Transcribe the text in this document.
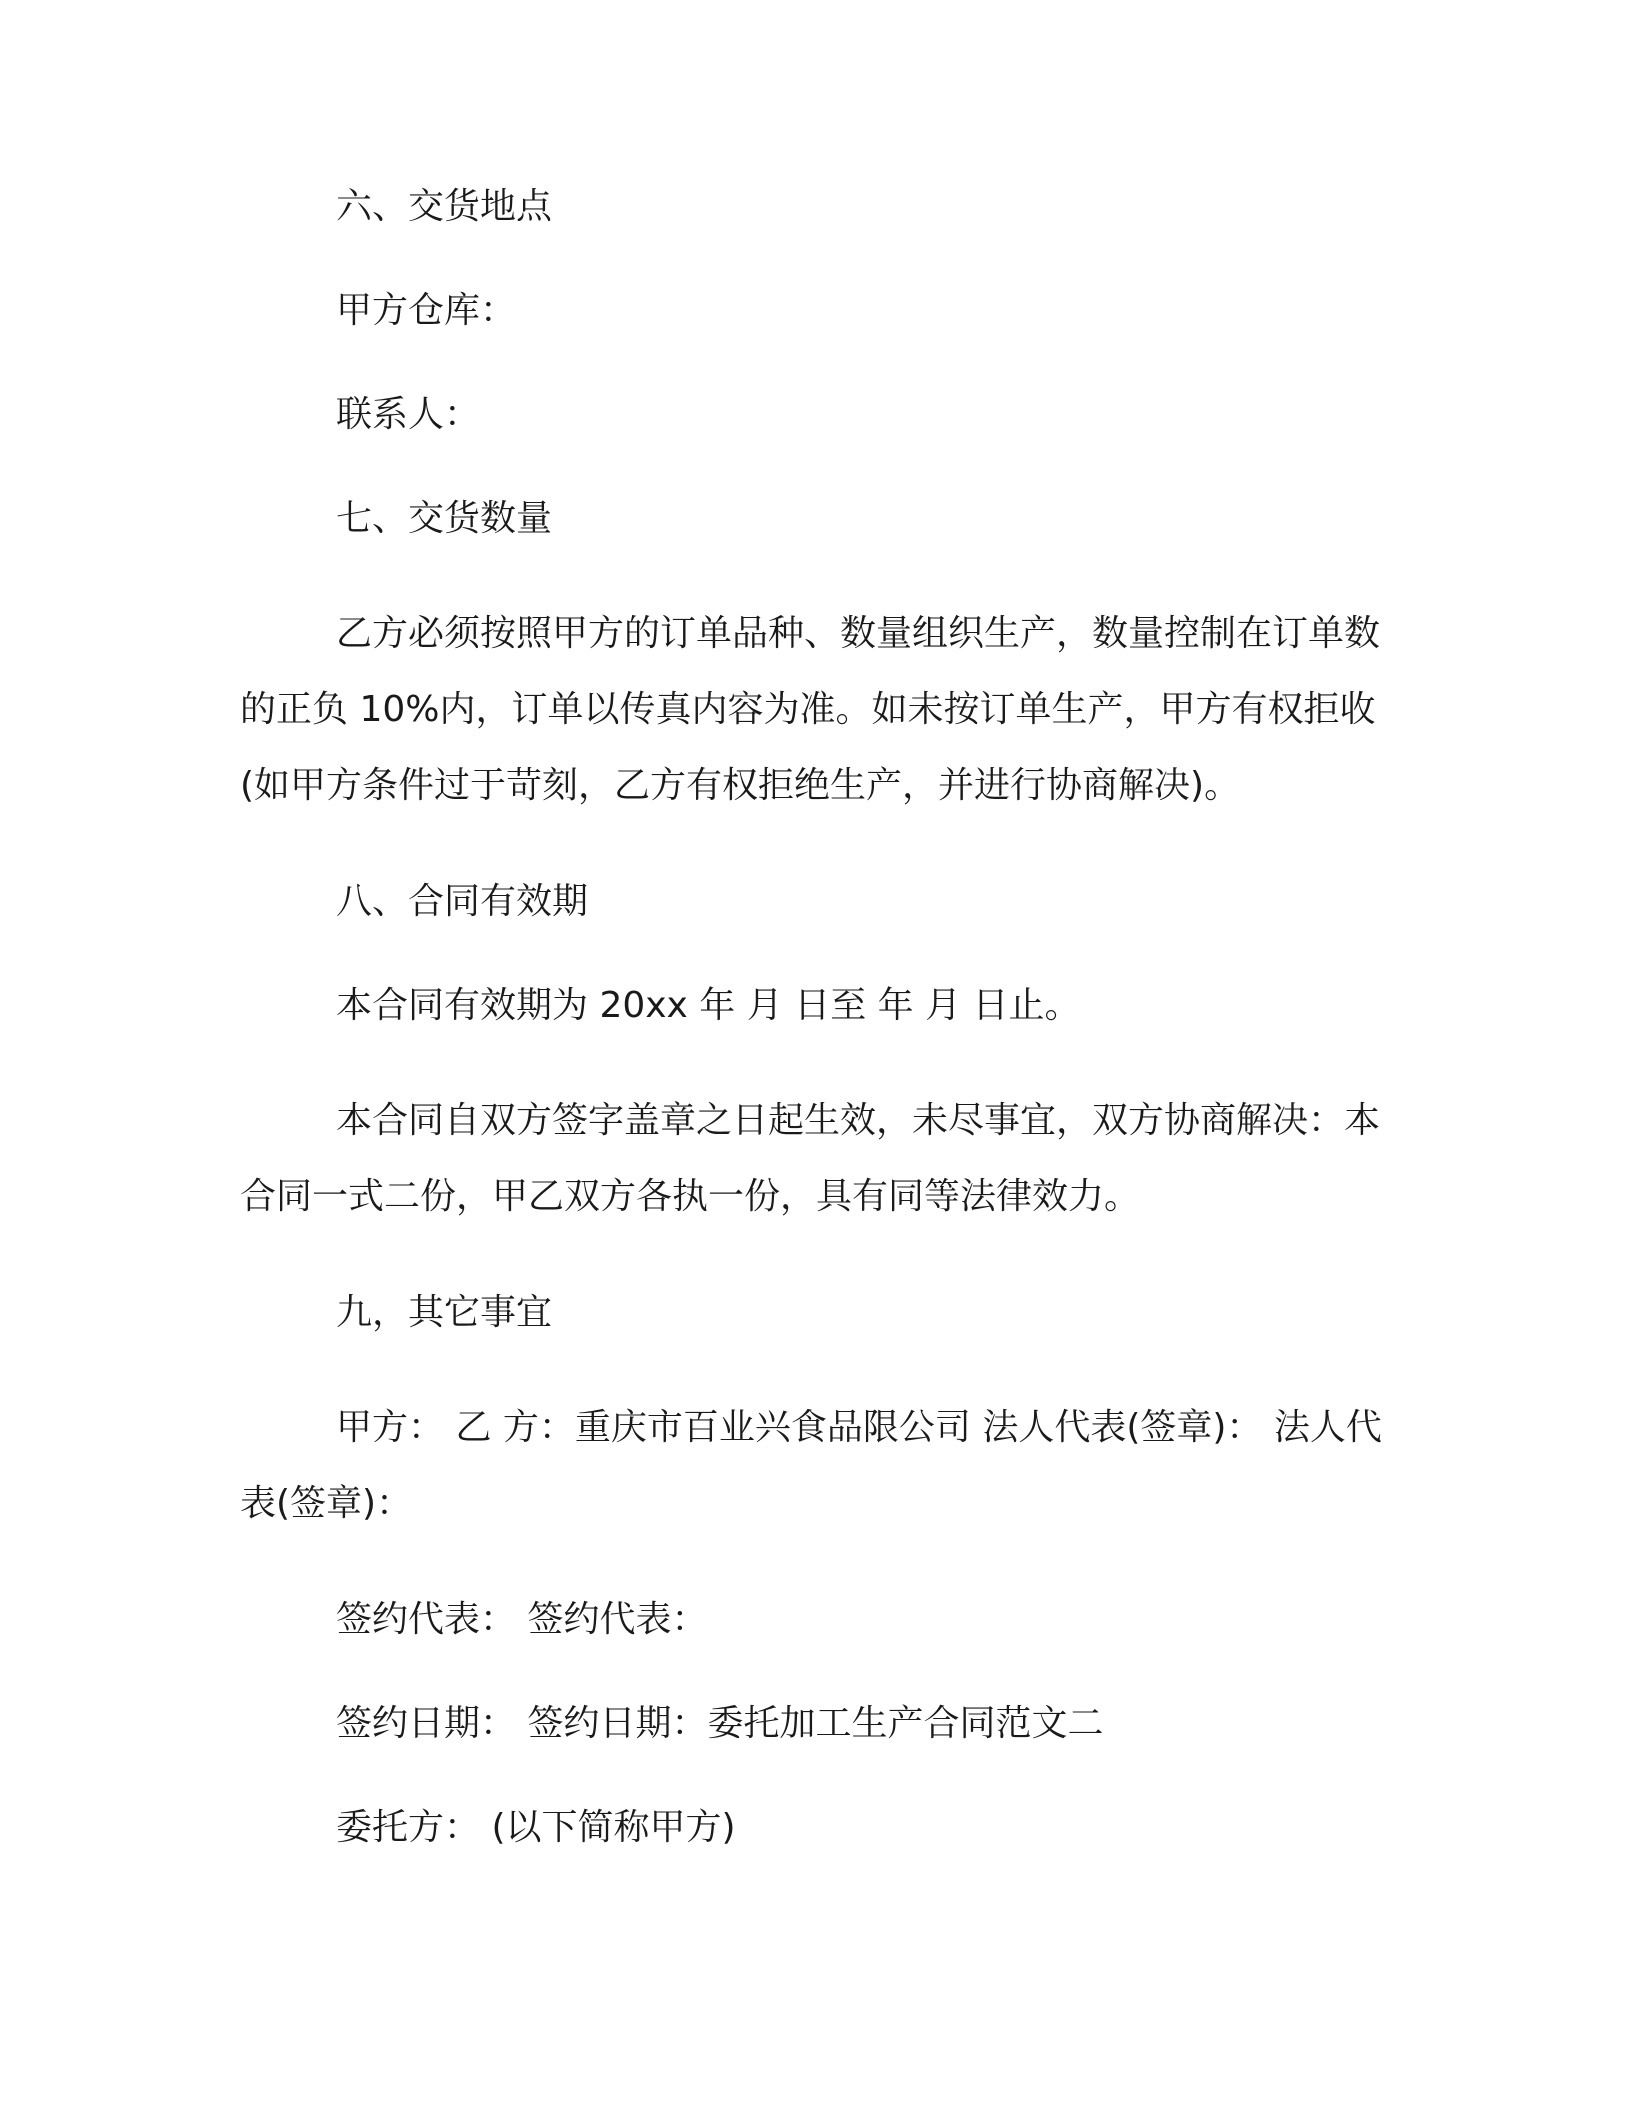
六、交货地点

甲方仓库：

联系人：

七、交货数量

乙方必须按照甲方的订单品种、数量组织生产，数量控制在订单数的正负 10%内，订单以传真内容为准。如未按订单生产，甲方有权拒收(如甲方条件过于苛刻，乙方有权拒绝生产，并进行协商解决)。

八、合同有效期

本合同有效期为 20xx 年 月 日至 年 月 日止。

本合同自双方签字盖章之日起生效，未尽事宜，双方协商解决：本合同一式二份，甲乙双方各执一份，具有同等法律效力。

九，其它事宜

甲方： 乙 方：重庆市百业兴食品限公司 法人代表(签章)： 法人代表(签章)：

签约代表： 签约代表：

签约日期： 签约日期：委托加工生产合同范文二

委托方： (以下简称甲方)
